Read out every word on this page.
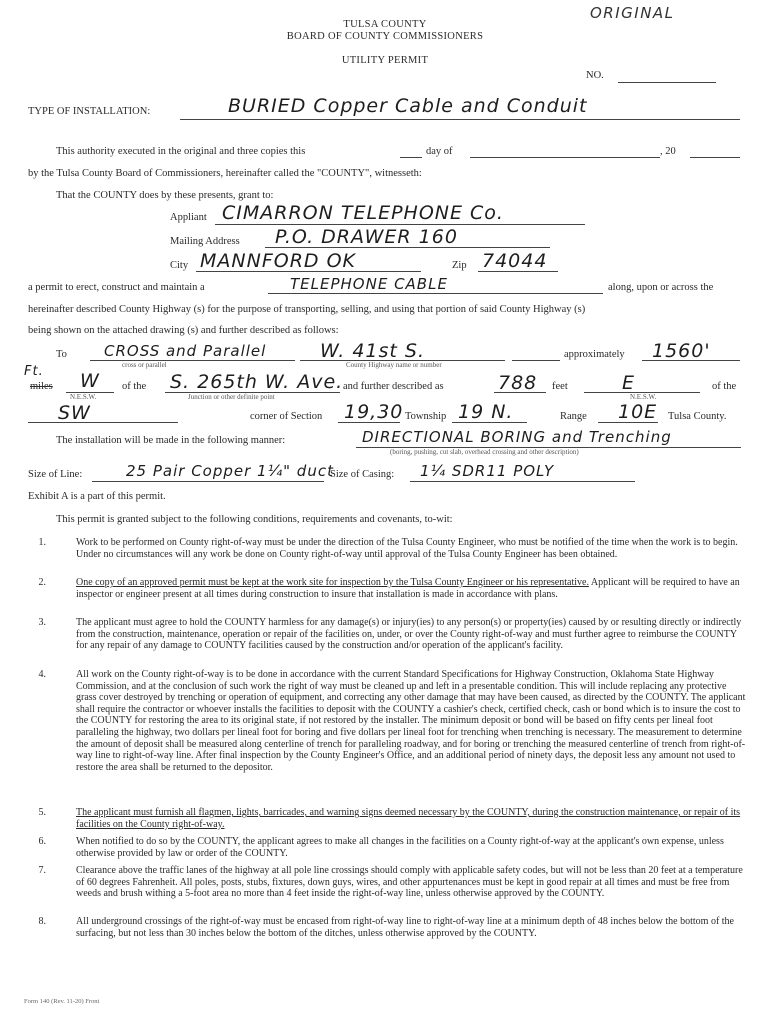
ORIGINAL
TULSA COUNTY
BOARD OF COUNTY COMMISSIONERS
UTILITY PERMIT
NO.
TYPE OF INSTALLATION:	BURIED Copper Cable and Conduit
This authority executed in the original and three copies this	day of	, 20
by the Tulsa County Board of Commissioners, hereinafter called the "COUNTY", witnesseth:
That the COUNTY does by these presents, grant to:
Appliant CIMARRON TELEPHONE Co.
Mailing Address P.O. DRAWER 160
City MANNFORD OK	Zip 74044
a permit to erect, construct and maintain a	TELEPHONE CABLE	along, upon or across the
hereinafter described County Highway (s) for the purpose of transporting, selling, and using that portion of said County Highway (s)
being shown on the attached drawing (s) and further described as follows:
To CROSS and Parallel
cross or parallel
W. 41st S.
County Highway name or number
approximately 1560'
Ft.
miles W
N.E.S.W.
of the S. 265th W. Ave.
Junction or other definite point
and further described as	788 feet	E
N.E.S.W.
of the
SW	corner of Section 19,30 Township 19 N.	Range 10E Tulsa County.
The installation will be made in the following manner:	DIRECTIONAL BORING and Trenching
(boring, pushing, cut slab, overhead crossing and other description)
Size of Line:	25 Pair Copper 1¼" duct
Size of Casing: 1¼ SDR11 POLY
Exhibit A is a part of this permit.
This permit is granted subject to the following conditions, requirements and covenants, to-wit:
1.	Work to be performed on County right-of-way must be under the direction of the Tulsa County Engineer, who must be notified of the time when the work is to begin. Under no circumstances will any work be done on County right-of-way until approval of the Tulsa County Engineer has been obtained.
2.	One copy of an approved permit must be kept at the work site for inspection by the Tulsa County Engineer or his representative. Applicant will be required to have an inspector or engineer present at all times during construction to insure that installation is made in accordance with plans.
3.	The applicant must agree to hold the COUNTY harmless for any damage(s) or injury(ies) to any person(s) or property(ies) caused by or resulting directly or indirectly from the construction, maintenance, operation or repair of the facilities on, under, or over the County right-of-way and must further agree to reimburse the COUNTY for any repair of any damage to COUNTY facilities caused by the construction and/or operation of the applicant's facility.
4.	All work on the County right-of-way is to be done in accordance with the current Standard Specifications for Highway Construction, Oklahoma State Highway Commission, and at the conclusion of such work the right of way must be cleaned up and left in a presentable condition. This will include replacing any protective grass cover destroyed by trenching or operation of equipment, and correcting any other damage that may have been caused, as directed by the COUNTY. The applicant shall require the contractor or whoever installs the facilities to deposit with the COUNTY a cashier's check, certified check, cash or bond which is to insure the cost to the COUNTY for restoring the area to its original state, if not restored by the installer. The minimum deposit or bond will be based on fifty cents per lineal foot paralleling the highway, two dollars per lineal foot for boring and five dollars per lineal foot for trenching when trenching is necessary. The measurement to determine the amount of deposit shall be measured along centerline of trench for paralleling roadway, and for boring or trenching the measured centerline of trench from right-of-way line to right-of-way line. After final inspection by the County Engineer's Office, and an additional period of ninety days, the deposit less any amount not used to restore the area shall be returned to the depositor.
5.	The applicant must furnish all flagmen, lights, barricades, and warning signs deemed necessary by the COUNTY, during the construction maintenance, or repair of its facilities on the County right-of-way.
6.	When notified to do so by the COUNTY, the applicant agrees to make all changes in the facilities on a County right-of-way at the applicant's own expense, unless otherwise provided by law or order of the COUNTY.
7.	Clearance above the traffic lanes of the highway at all pole line crossings should comply with applicable safety codes, but will not be less than 20 feet at a temperature of 60 degrees Fahrenheit. All poles, posts, stubs, fixtures, down guys, wires, and other appurtenances must be kept in good repair at all times and must be free from weeds and brush withing a 5-foot area no more than 4 feet inside the right-of-way line, unless otherwise approved by the COUNTY.
8.	All underground crossings of the right-of-way must be encased from right-of-way line to right-of-way line at a minimum depth of 48 inches below the bottom of the surfacing, but not less than 30 inches below the bottom of the ditches, unless otherwise approved by the COUNTY.
Form 140 (Rev. 11-20) Front
